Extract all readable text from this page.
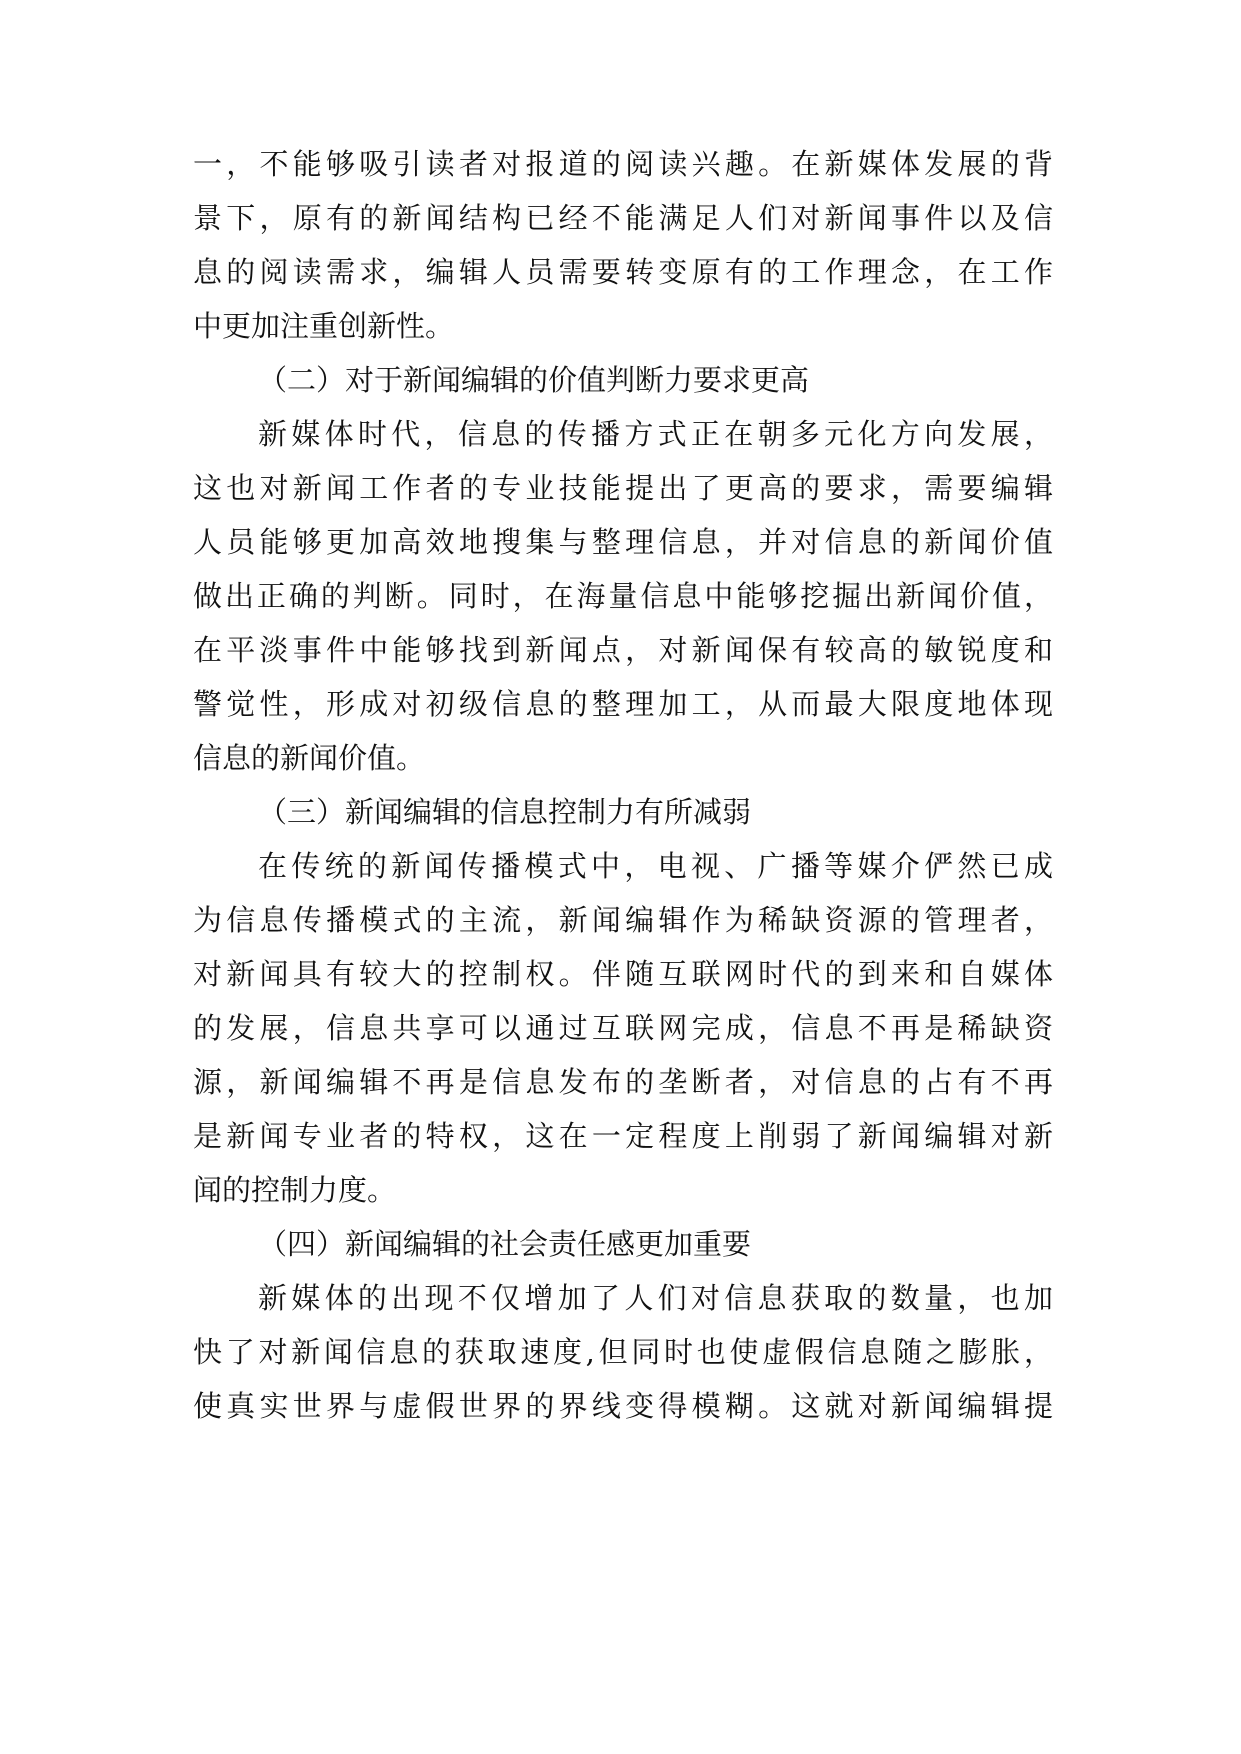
一，不能够吸引读者对报道的阅读兴趣。在新媒体发展的背
景下，原有的新闻结构已经不能满足人们对新闻事件以及信
息的阅读需求，编辑人员需要转变原有的工作理念，在工作
中更加注重创新性。
（二）对于新闻编辑的价值判断力要求更高
新媒体时代，信息的传播方式正在朝多元化方向发展，
这也对新闻工作者的专业技能提出了更高的要求，需要编辑
人员能够更加高效地搜集与整理信息，并对信息的新闻价值
做出正确的判断。同时，在海量信息中能够挖掘出新闻价值，
在平淡事件中能够找到新闻点，对新闻保有较高的敏锐度和
警觉性，形成对初级信息的整理加工，从而最大限度地体现
信息的新闻价值。
（三）新闻编辑的信息控制力有所减弱
在传统的新闻传播模式中，电视、广播等媒介俨然已成
为信息传播模式的主流，新闻编辑作为稀缺资源的管理者，
对新闻具有较大的控制权。伴随互联网时代的到来和自媒体
的发展，信息共享可以通过互联网完成，信息不再是稀缺资
源，新闻编辑不再是信息发布的垄断者，对信息的占有不再
是新闻专业者的特权，这在一定程度上削弱了新闻编辑对新
闻的控制力度。
（四）新闻编辑的社会责任感更加重要
新媒体的出现不仅增加了人们对信息获取的数量，也加
快了对新闻信息的获取速度,但同时也使虚假信息随之膨胀，
使真实世界与虚假世界的界线变得模糊。这就对新闻编辑提
